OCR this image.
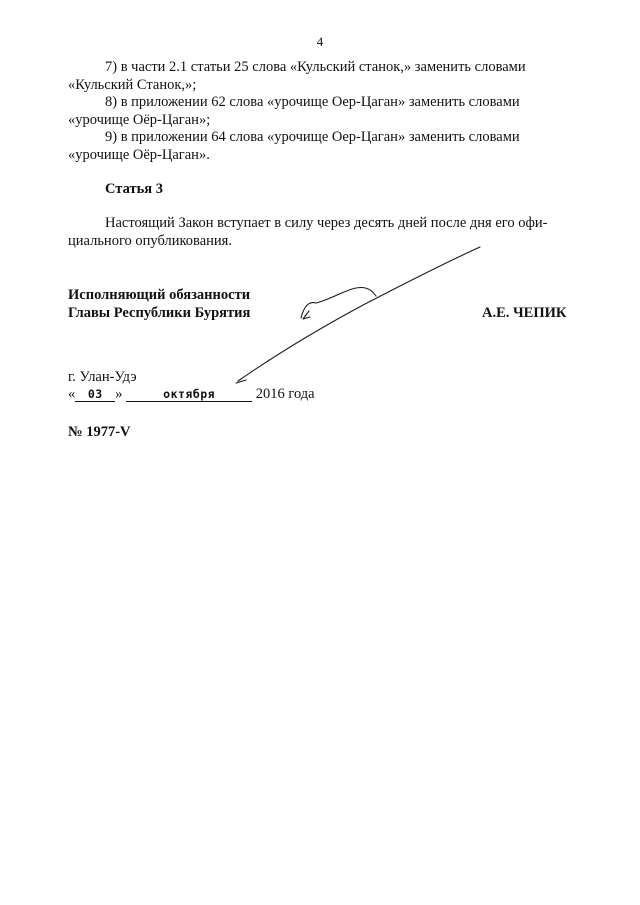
4

7) в части 2.1 статьи 25 слова «Кульский станок,» заменить словами

«Кульский Станок,»;

8) в приложении 62 слова «урочище Оер-Цаган» заменить словами

«урочище Оёр-Цаган»;

9) в приложении 64 слова «урочище Оер-Цаган» заменить словами

«урочище Оёр-Цаган».
Статья 3

Настоящий Закон вступает в силу через десять дней после дня его офи-

циального опубликования.
Исполняющий обязанности
Главы Республики Бурятия	А.Е. ЧЕПИК
г. Улан-Удэ
« 03 »	октября	2016 года
№ 1977-V
